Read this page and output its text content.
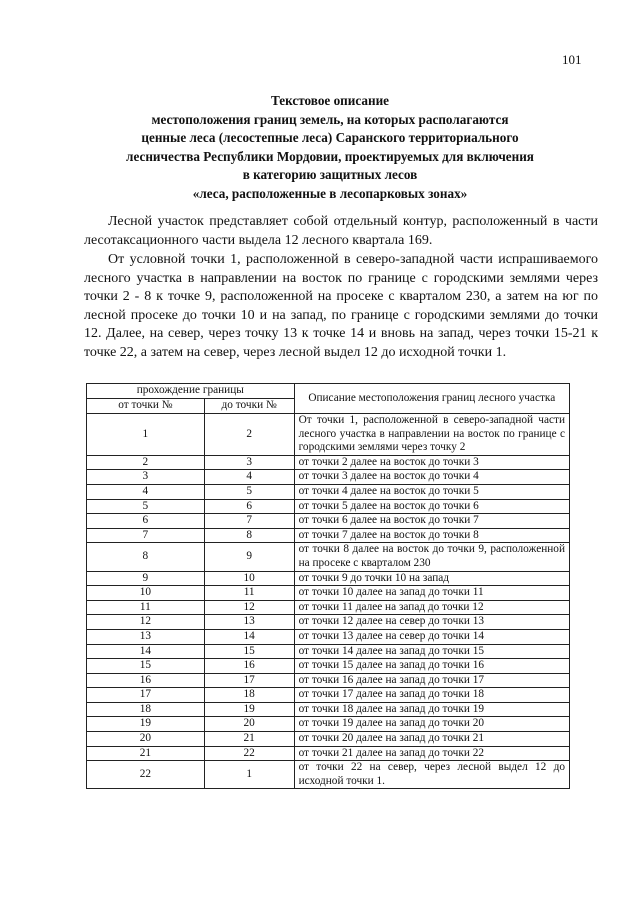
101
Текстовое описание
местоположения границ земель, на которых располагаются
ценные леса (лесостепные леса) Саранского территориального
лесничества Республики Мордовии, проектируемых для включения
в категорию защитных лесов
«леса, расположенные в лесопарковых зонах»

Лесной участок представляет собой отдельный контур, расположенный в части лесотаксационного части выдела 12 лесного квартала 169.

От условной точки 1, расположенной в северо-западной части испрашиваемого лесного участка в направлении на восток по границе с городскими землями через точки 2 - 8 к точке 9, расположенной на просеке с кварталом 230, а затем на юг по лесной просеке до точки 10 и на запад, по границе с городскими землями до точки 12. Далее, на север, через точку 13 к точке 14 и вновь на запад, через точки 15-21 к точке 22, а затем на север, через лесной выдел 12 до исходной точки 1.

прохождение границы		Описание местоположения границ лесного участка
от точки №	до точки №	
1	2	От точки 1, расположенной в северо-западной части лесного участка в направлении на восток по границе с городскими землями через точку 2
2	3	от точки 2 далее на восток до точки 3
3	4	от точки 3 далее на восток до точки 4
4	5	от точки 4 далее на восток до точки 5
5	6	от точки 5 далее на восток до точки 6
6	7	от точки 6 далее на восток до точки 7
7	8	от точки 7 далее на восток до точки 8
8	9	от точки 8 далее на восток до точки 9, расположенной на просеке с кварталом 230
9	10	от точки 9 до точки 10 на запад
10	11	от точки 10 далее на запад до точки 11
11	12	от точки 11 далее на запад до точки 12
12	13	от точки 12 далее на север до точки 13
13	14	от точки 13 далее на север до точки 14
14	15	от точки 14 далее на запад до точки 15
15	16	от точки 15 далее на запад до точки 16
16	17	от точки 16 далее на запад до точки 17
17	18	от точки 17 далее на запад до точки 18
18	19	от точки 18 далее на запад до точки 19
19	20	от точки 19 далее на запад до точки 20
20	21	от точки 20 далее на запад до точки 21
21	22	от точки 21 далее на запад до точки 22
22	1	от точки 22 на север, через лесной выдел 12 до исходной точки 1.
